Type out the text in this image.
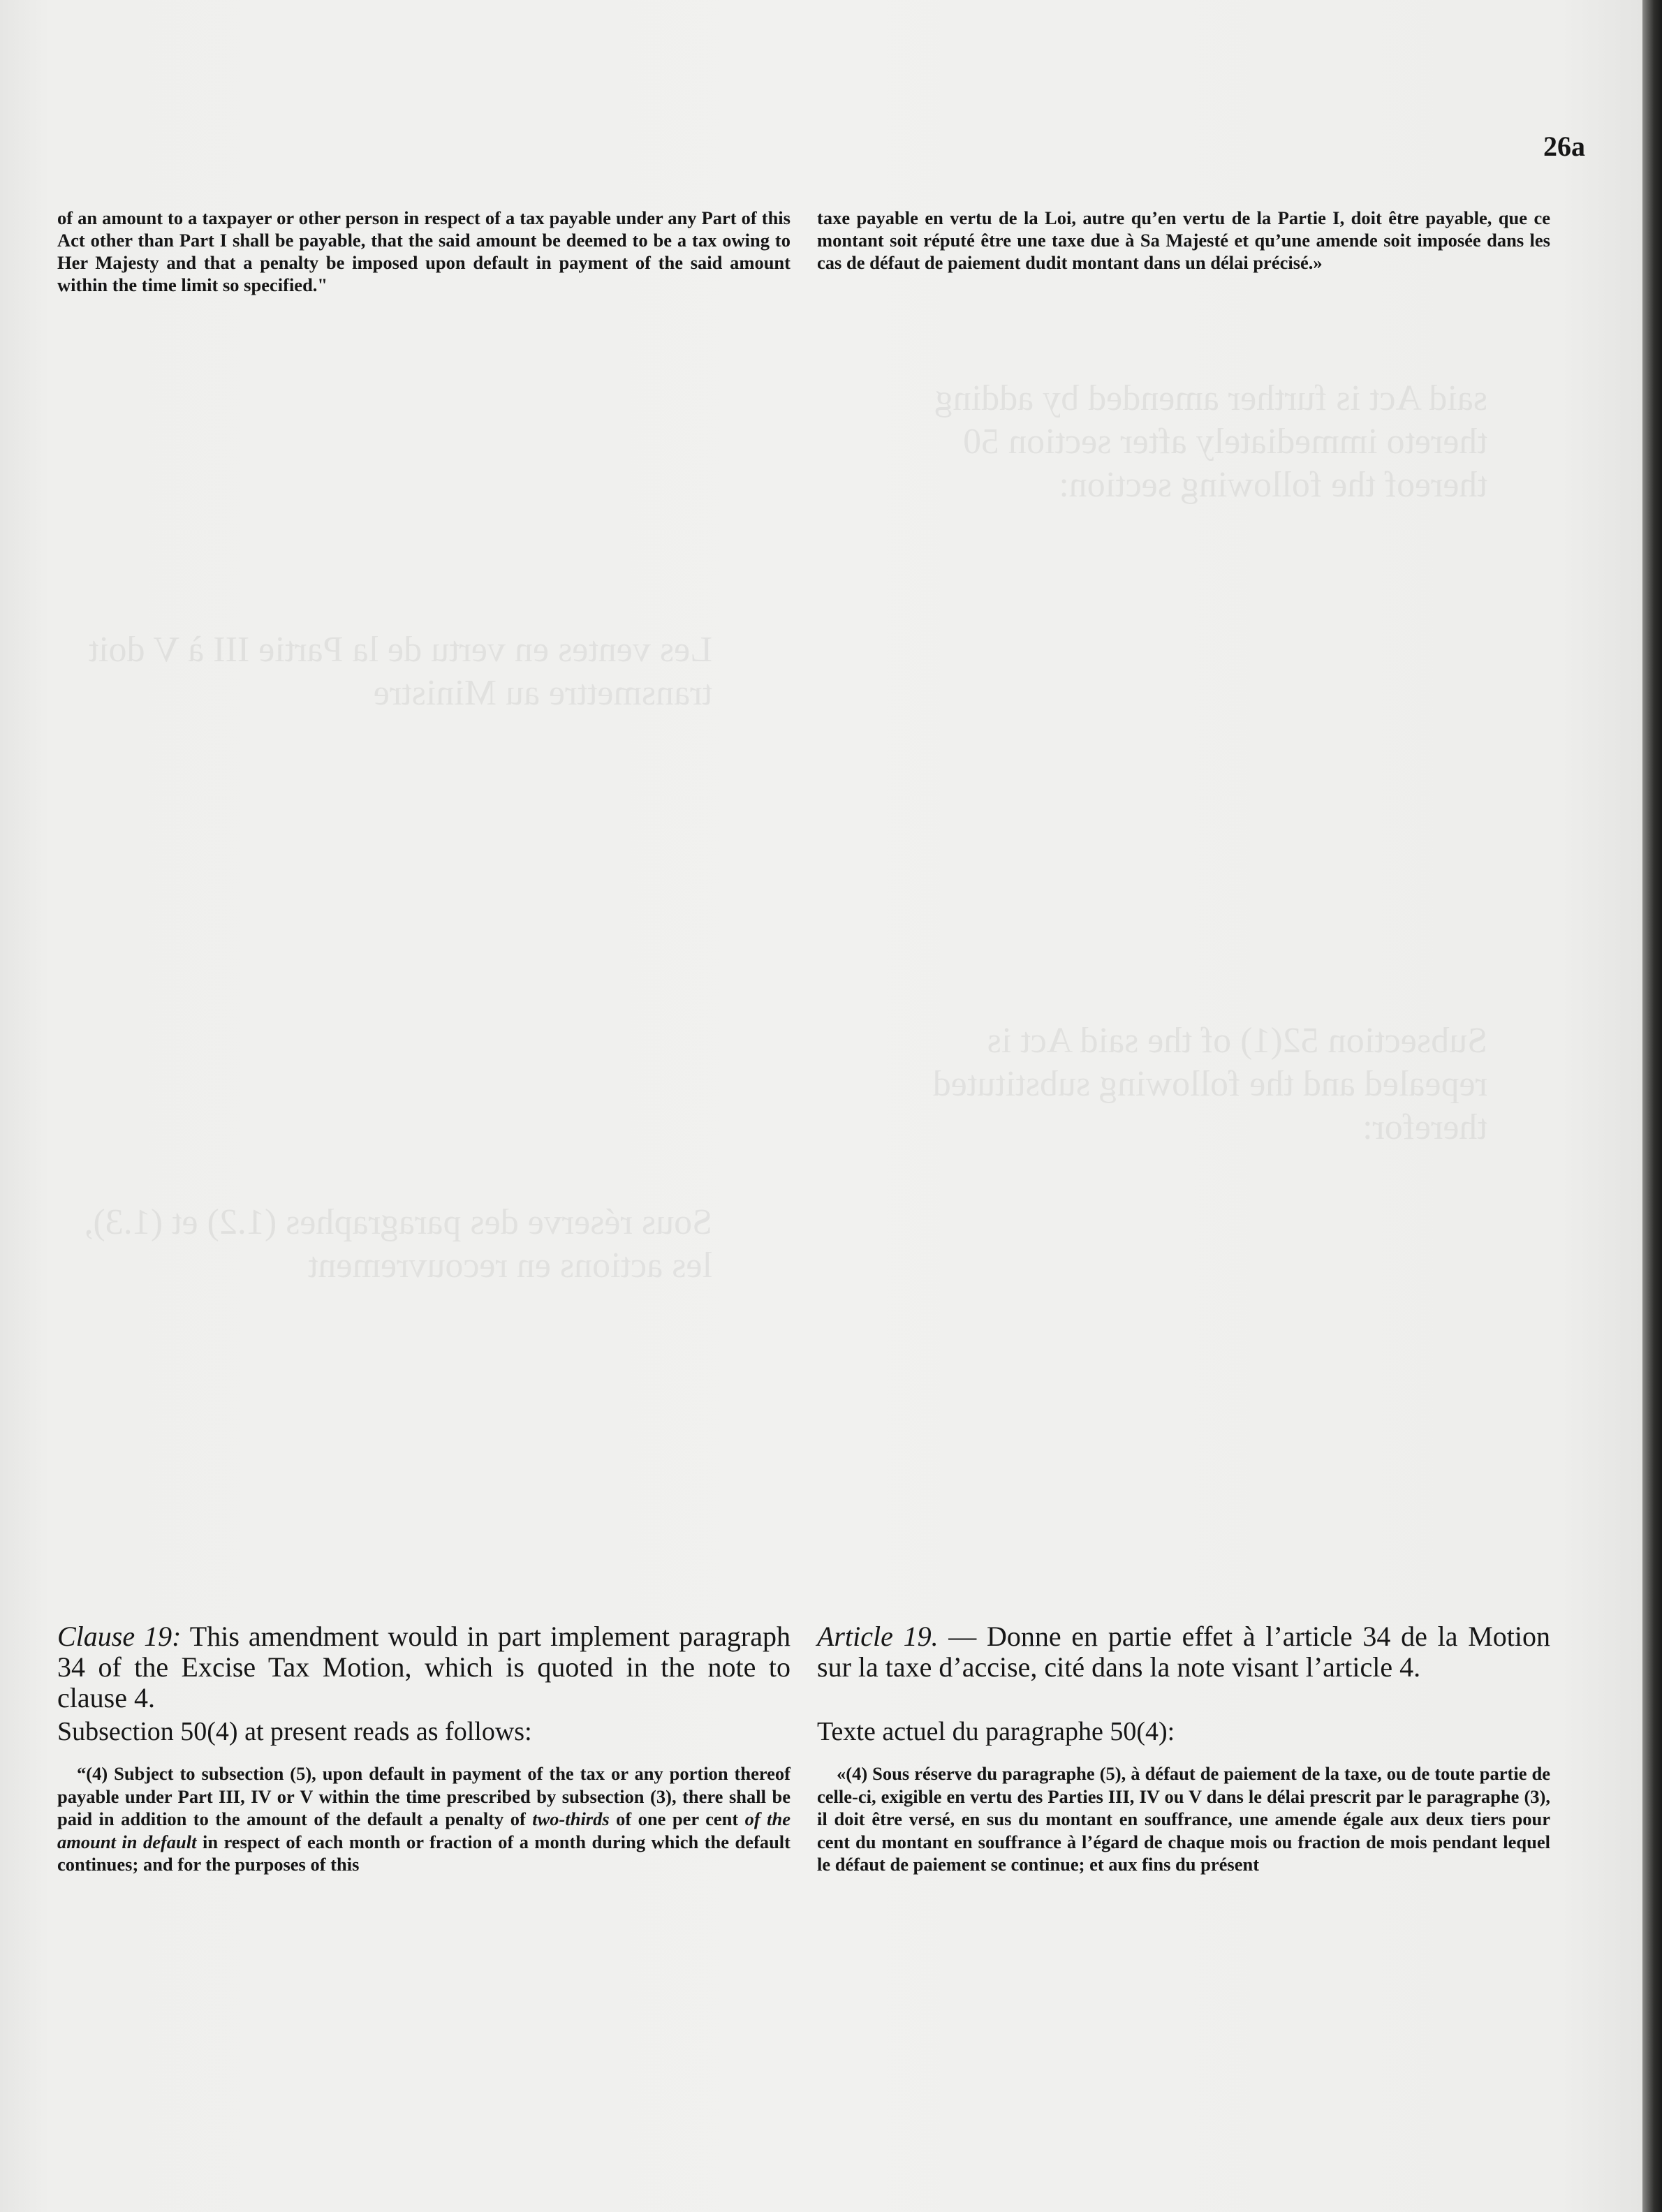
said Act is further amended by adding thereto immediately after section 50 thereof the following section:
Les ventes en vertu de la Partie III à V doit transmettre au Ministre
Subsection 52(1) of the said Act is repealed and the following substituted therefor:
Sous réserve des paragraphes (1.2) et (1.3), les actions en recouvrement
26a

of an amount to a taxpayer or other person in respect of a tax payable under any Part of this Act other than Part I shall be payable, that the said amount be deemed to be a tax owing to Her Majesty and that a penalty be imposed upon default in payment of the said amount within the time limit so specified."

taxe payable en vertu de la Loi, autre qu’en vertu de la Partie I, doit être payable, que ce montant soit réputé être une taxe due à Sa Majesté et qu’une amende soit imposée dans les cas de défaut de paiement dudit montant dans un délai précisé.»

Clause 19: This amendment would in part implement paragraph 34 of the Excise Tax Motion, which is quoted in the note to clause 4.

Article 19. — Donne en partie effet à l’article 34 de la Motion sur la taxe d’accise, cité dans la note visant l’article 4.

Subsection 50(4) at present reads as follows:	Texte actuel du paragraphe 50(4):

“(4) Subject to subsection (5), upon default in payment of the tax or any portion thereof payable under Part III, IV or V within the time prescribed by subsection (3), there shall be paid in addition to the amount of the default a penalty of two-thirds of one per cent of the amount in default in respect of each month or fraction of a month during which the default continues; and for the purposes of this

«(4) Sous réserve du paragraphe (5), à défaut de paiement de la taxe, ou de toute partie de celle-ci, exigible en vertu des Parties III, IV ou V dans le délai prescrit par le paragraphe (3), il doit être versé, en sus du montant en souffrance, une amende égale aux deux tiers pour cent du montant en souffrance à l’égard de chaque mois ou fraction de mois pendant lequel le défaut de paiement se continue; et aux fins du présent
